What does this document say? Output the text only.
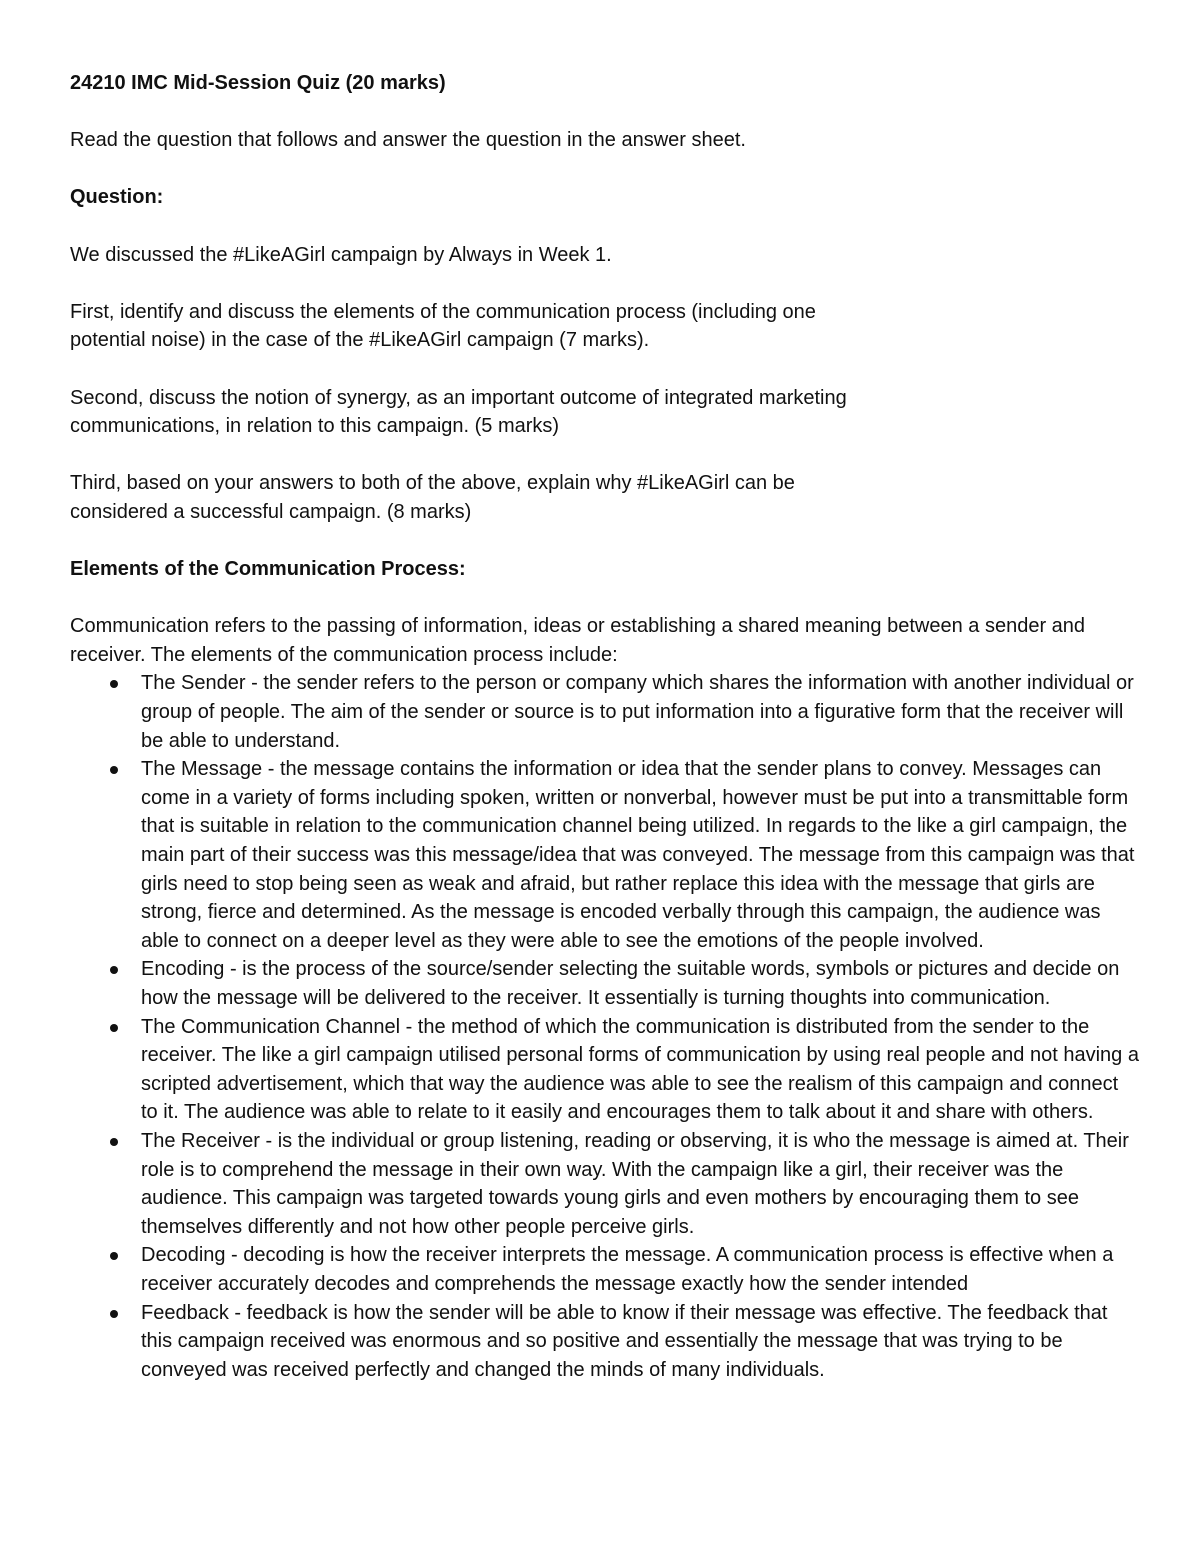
24210 IMC Mid-Session Quiz (20 marks)

Read the question that follows and answer the question in the answer sheet.

Question:

We discussed the #LikeAGirl campaign by Always in Week 1.

First, identify and discuss the elements of the communication process (including one
potential noise) in the case of the #LikeAGirl campaign (7 marks).
Second, discuss the notion of synergy, as an important outcome of integrated marketing
communications, in relation to this campaign. (5 marks)
Third, based on your answers to both of the above, explain why #LikeAGirl can be
considered a successful campaign. (8 marks)

Elements of the Communication Process:

Communication refers to the passing of information, ideas or establishing a shared meaning between a sender and receiver. The elements of the communication process include:

The Sender - the sender refers to the person or company which shares the information with another individual or group of people. The aim of the sender or source is to put information into a figurative form that the receiver will be able to understand.
The Message - the message contains the information or idea that the sender plans to convey. Messages can come in a variety of forms including spoken, written or nonverbal, however must be put into a transmittable form that is suitable in relation to the communication channel being utilized. In regards to the like a girl campaign, the main part of their success was this message/idea that was conveyed. The message from this campaign was that girls need to stop being seen as weak and afraid, but rather replace this idea with the message that girls are strong, fierce and determined. As the message is encoded verbally through this campaign, the audience was able to connect on a deeper level as they were able to see the emotions of the people involved.
Encoding - is the process of the source/sender selecting the suitable words, symbols or pictures and decide on how the message will be delivered to the receiver. It essentially is turning thoughts into communication.
The Communication Channel - the method of which the communication is distributed from the sender to the receiver. The like a girl campaign utilised personal forms of communication by using real people and not having a scripted advertisement, which that way the audience was able to see the realism of this campaign and connect to it. The audience was able to relate to it easily and encourages them to talk about it and share with others.
The Receiver - is the individual or group listening, reading or observing, it is who the message is aimed at. Their role is to comprehend the message in their own way. With the campaign like a girl, their receiver was the audience. This campaign was targeted towards young girls and even mothers by encouraging them to see themselves differently and not how other people perceive girls.
Decoding - decoding is how the receiver interprets the message. A communication process is effective when a receiver accurately decodes and comprehends the message exactly how the sender intended
Feedback - feedback is how the sender will be able to know if their message was effective. The feedback that this campaign received was enormous and so positive and essentially the message that was trying to be conveyed was received perfectly and changed the minds of many individuals.
